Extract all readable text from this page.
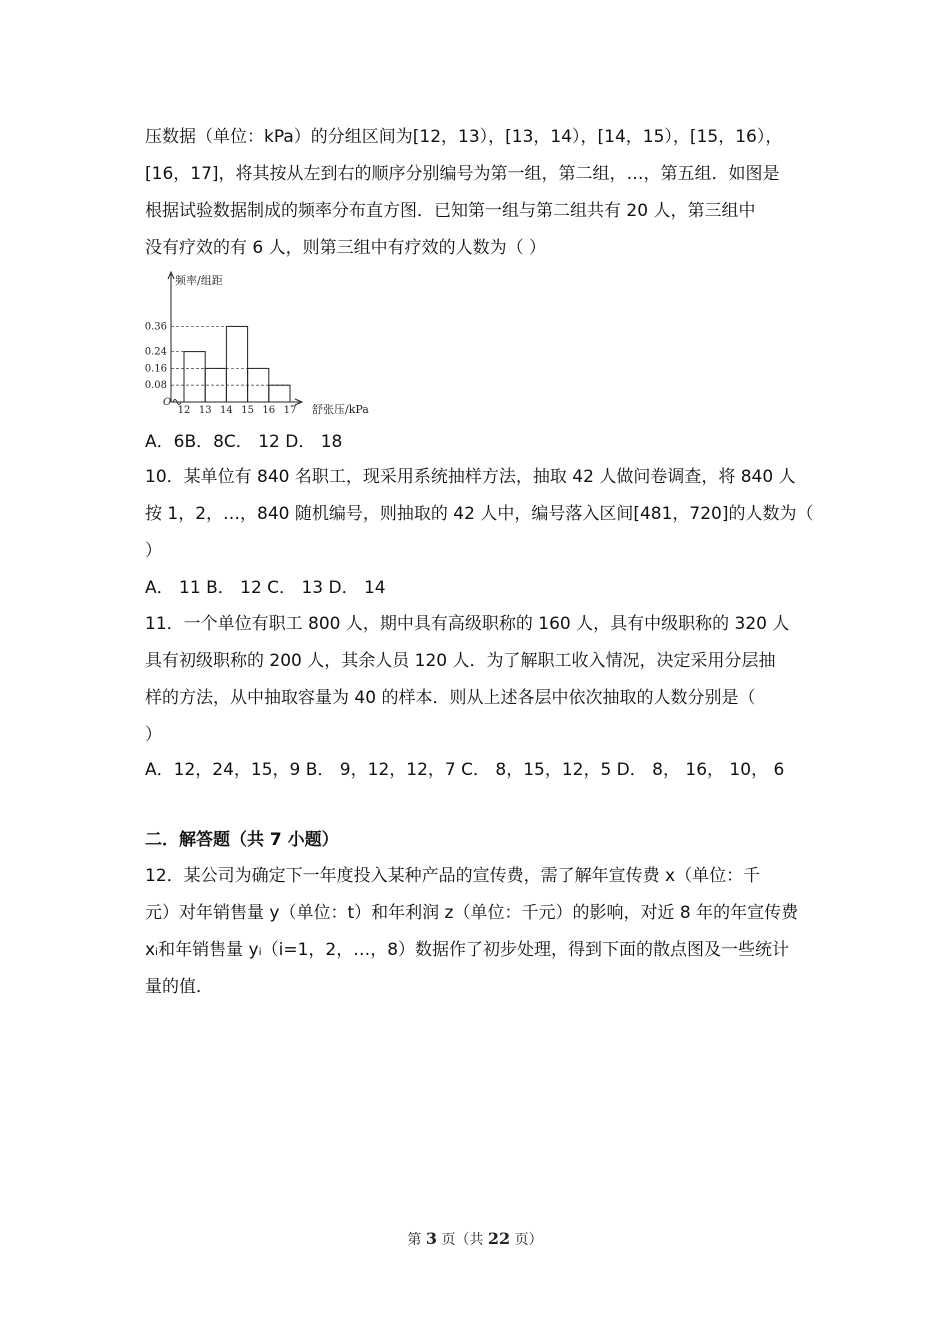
压数据（单位：kPa）的分组区间为[12，13），[13，14），[14，15），[15，16），
[16，17]，将其按从左到右的顺序分别编号为第一组，第二组，…，第五组．如图是
根据试验数据制成的频率分布直方图．已知第一组与第二组共有 20 人，第三组中
没有疗效的有 6 人，则第三组中有疗效的人数为（ ）
0.08
0.16
0.24
0.36
12 13 14 15 16 17
O
频率/组距
舒张压/kPa
A．6B．8C． 12 D． 18
10．某单位有 840 名职工，现采用系统抽样方法，抽取 42 人做问卷调查，将 840 人
按 1，2，…，840 随机编号，则抽取的 42 人中，编号落入区间[481，720]的人数为（
）
A． 11 B． 12 C． 13 D． 14
11．一个单位有职工 800 人，期中具有高级职称的 160 人，具有中级职称的 320 人
具有初级职称的 200 人，其余人员 120 人．为了解职工收入情况，决定采用分层抽
样的方法，从中抽取容量为 40 的样本．则从上述各层中依次抽取的人数分别是（
）
A．12，24，15，9 B． 9，12，12，7 C． 8，15，12，5 D． 8， 16， 10， 6
二．解答题（共 7 小题）
12．某公司为确定下一年度投入某种产品的宣传费，需了解年宣传费 x（单位：千
元）对年销售量 y（单位：t）和年利润 z（单位：千元）的影响，对近 8 年的年宣传费
xᵢ和年销售量 yᵢ（i=1，2，…，8）数据作了初步处理，得到下面的散点图及一些统计
量的值．
第 3 页（共 22 页）
